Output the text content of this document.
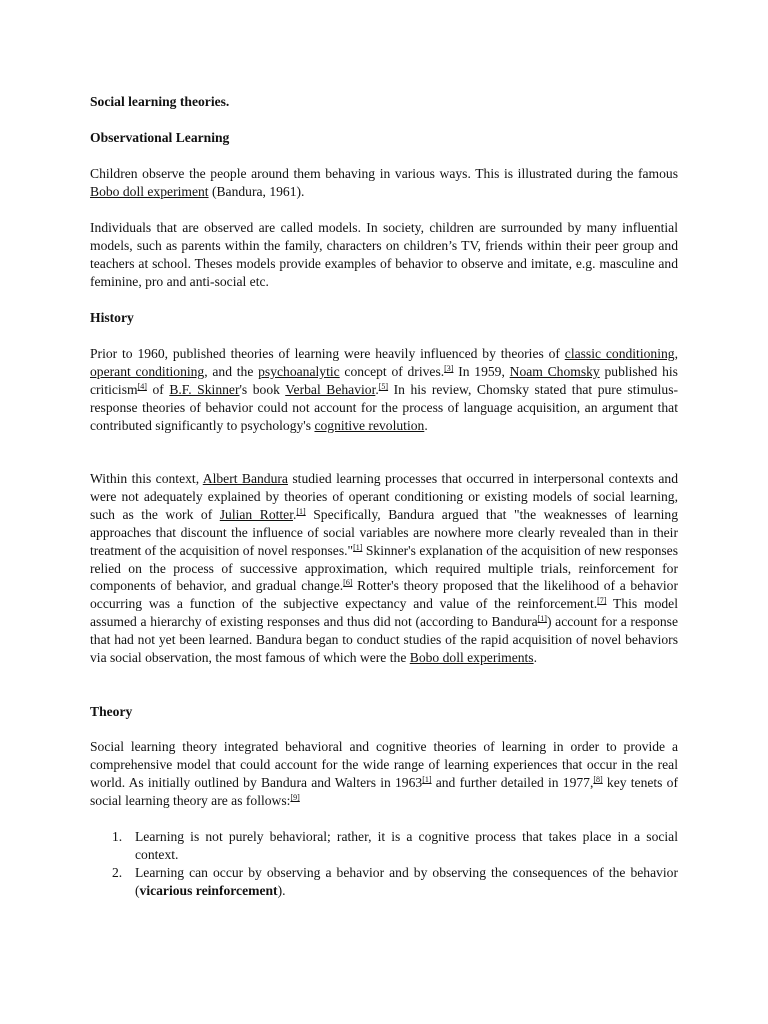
Social learning theories.

Observational Learning

Children observe the people around them behaving in various ways. This is illustrated during the famous Bobo doll experiment (Bandura, 1961).

Individuals that are observed are called models. In society, children are surrounded by many influential models, such as parents within the family, characters on children’s TV, friends within their peer group and teachers at school. Theses models provide examples of behavior to observe and imitate, e.g. masculine and feminine, pro and anti-social etc.

History

Prior to 1960, published theories of learning were heavily influenced by theories of classic conditioning, operant conditioning, and the psychoanalytic concept of drives.[3] In 1959, Noam Chomsky published his criticism[4] of B.F. Skinner's book Verbal Behavior.[5] In his review, Chomsky stated that pure stimulus-response theories of behavior could not account for the process of language acquisition, an argument that contributed significantly to psychology's cognitive revolution.

Within this context, Albert Bandura studied learning processes that occurred in interpersonal contexts and were not adequately explained by theories of operant conditioning or existing models of social learning, such as the work of Julian Rotter.[1] Specifically, Bandura argued that "the weaknesses of learning approaches that discount the influence of social variables are nowhere more clearly revealed than in their treatment of the acquisition of novel responses."[1] Skinner's explanation of the acquisition of new responses relied on the process of successive approximation, which required multiple trials, reinforcement for components of behavior, and gradual change.[6] Rotter's theory proposed that the likelihood of a behavior occurring was a function of the subjective expectancy and value of the reinforcement.[7] This model assumed a hierarchy of existing responses and thus did not (according to Bandura[1]) account for a response that had not yet been learned. Bandura began to conduct studies of the rapid acquisition of novel behaviors via social observation, the most famous of which were the Bobo doll experiments.

Theory

Social learning theory integrated behavioral and cognitive theories of learning in order to provide a comprehensive model that could account for the wide range of learning experiences that occur in the real world. As initially outlined by Bandura and Walters in 1963[1] and further detailed in 1977,[8] key tenets of social learning theory are as follows:[9]

1. Learning is not purely behavioral; rather, it is a cognitive process that takes place in a social context.
2. Learning can occur by observing a behavior and by observing the consequences of the behavior (vicarious reinforcement).
